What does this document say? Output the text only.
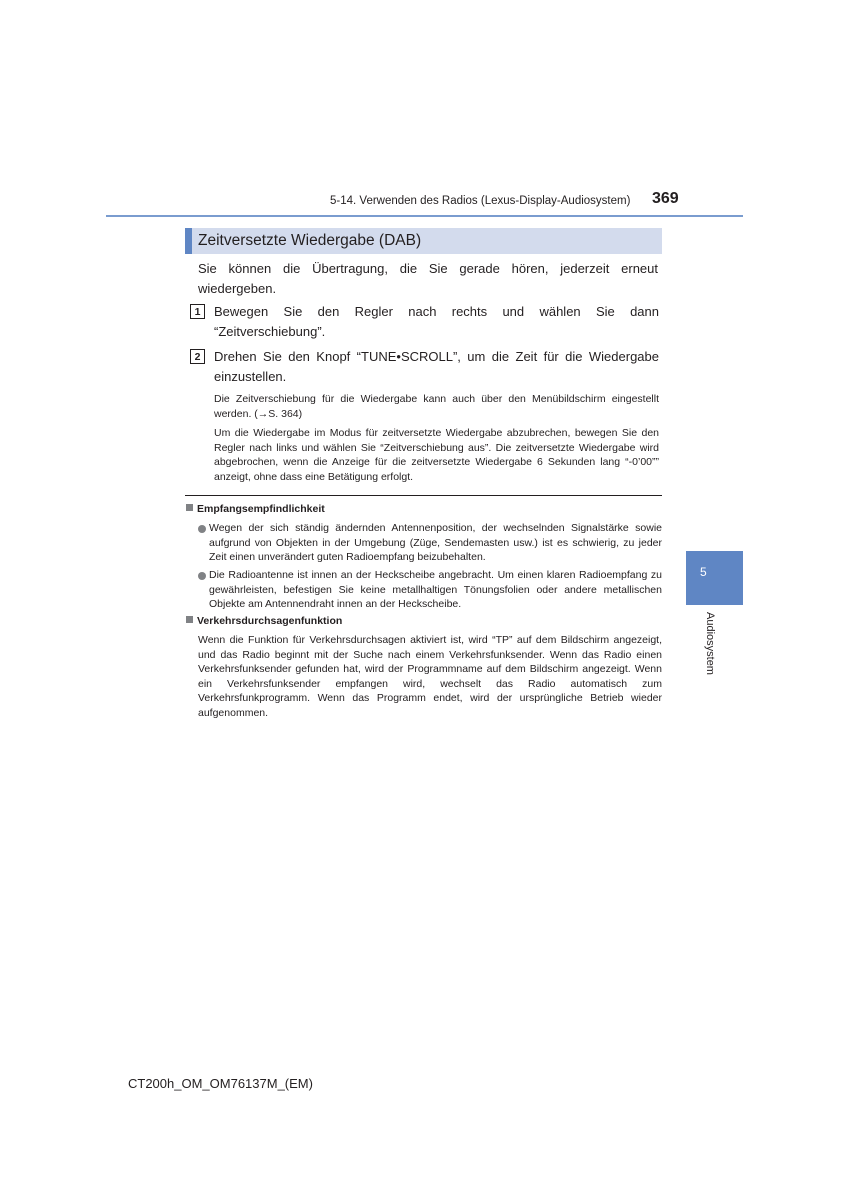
5-14. Verwenden des Radios (Lexus-Display-Audiosystem) 369
Zeitversetzte Wiedergabe (DAB)
Sie können die Übertragung, die Sie gerade hören, jederzeit erneut wiedergeben.
1	Bewegen Sie den Regler nach rechts und wählen Sie dann “Zeitverschiebung”.
2	Drehen Sie den Knopf “TUNE•SCROLL”, um die Zeit für die Wiedergabe einzustellen.
Die Zeitverschiebung für die Wiedergabe kann auch über den Menübildschirm eingestellt werden. (→S. 364)
Um die Wiedergabe im Modus für zeitversetzte Wiedergabe abzubrechen, bewegen Sie den Regler nach links und wählen Sie “Zeitverschiebung aus”. Die zeitversetzte Wiedergabe wird abgebrochen, wenn die Anzeige für die zeitversetzte Wiedergabe 6 Sekunden lang “-0’00”” anzeigt, ohne dass eine Betätigung erfolgt.
Empfangsempfindlichkeit
Wegen der sich ständig ändernden Antennenposition, der wechselnden Signalstärke sowie aufgrund von Objekten in der Umgebung (Züge, Sendemasten usw.) ist es schwierig, zu jeder Zeit einen unverändert guten Radioempfang beizubehalten.
Die Radioantenne ist innen an der Heckscheibe angebracht. Um einen klaren Radioempfang zu gewährleisten, befestigen Sie keine metallhaltigen Tönungsfolien oder andere metallischen Objekte am Antennendraht innen an der Heckscheibe.
Verkehrsdurchsagenfunktion
Wenn die Funktion für Verkehrsdurchsagen aktiviert ist, wird “TP” auf dem Bildschirm angezeigt, und das Radio beginnt mit der Suche nach einem Verkehrsfunksender. Wenn das Radio einen Verkehrsfunksender gefunden hat, wird der Programmname auf dem Bildschirm angezeigt. Wenn ein Verkehrsfunksender empfangen wird, wechselt das Radio automatisch zum Verkehrsfunkprogramm. Wenn das Programm endet, wird der ursprüngliche Betrieb wieder aufgenommen.
5
Audiosystem
CT200h_OM_OM76137M_(EM)
